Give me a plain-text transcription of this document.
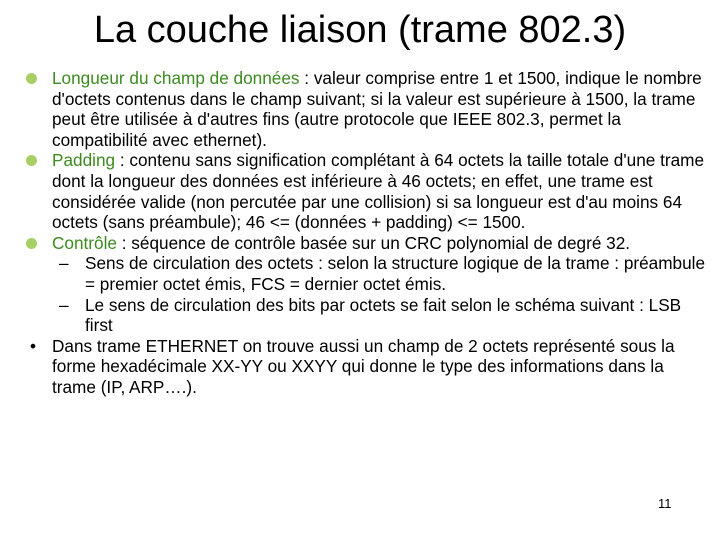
La couche liaison (trame 802.3)
Longueur du champ de données : valeur comprise entre 1 et 1500, indique le nombre d'octets contenus dans le champ suivant; si la valeur est supérieure à 1500, la trame peut être utilisée à d'autres fins (autre protocole que IEEE 802.3, permet la compatibilité avec ethernet).
Padding : contenu sans signification complétant à 64 octets la taille totale d'une trame dont la longueur des données est inférieure à 46 octets; en effet, une trame est considérée valide (non percutée par une collision) si sa longueur est d'au moins 64 octets (sans préambule); 46 <= (données + padding) <= 1500.
Contrôle : séquence de contrôle basée sur un CRC polynomial de degré 32.
– Sens de circulation des octets : selon la structure logique de la trame : préambule = premier octet émis, FCS = dernier octet émis.
– Le sens de circulation des bits par octets se fait selon le schéma suivant : LSB first
• Dans trame ETHERNET on trouve aussi un champ de 2 octets représenté sous la forme hexadécimale XX-YY ou XXYY qui donne le type des informations dans la trame (IP, ARP….).
11
